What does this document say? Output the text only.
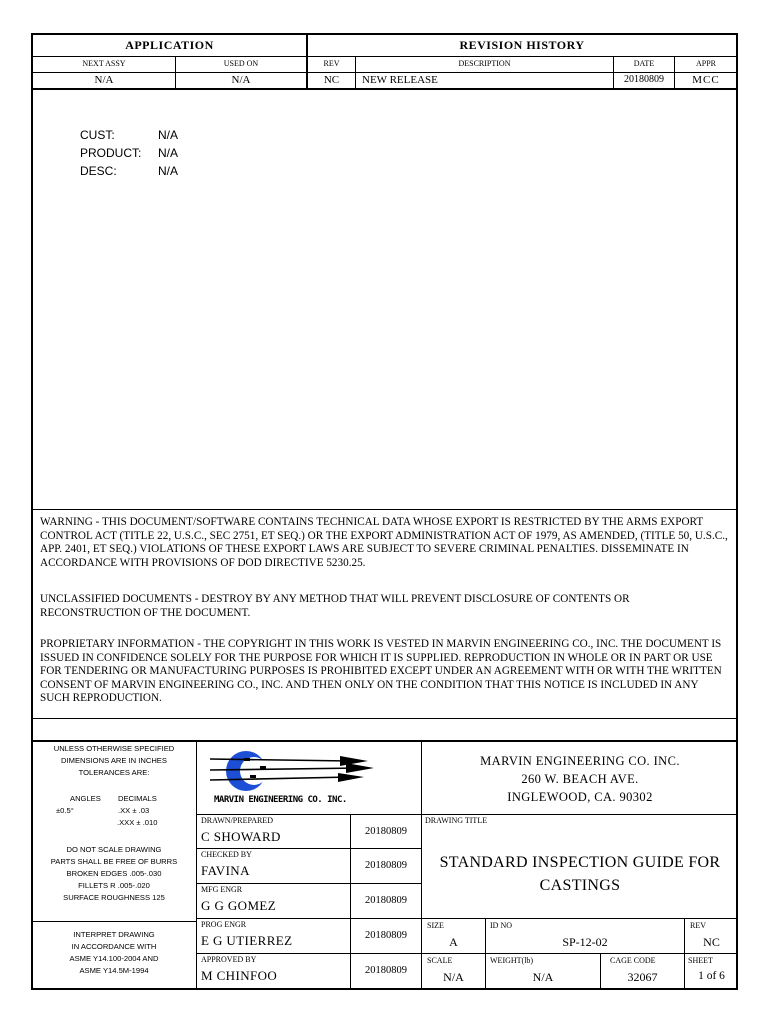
APPLICATION	REVISION HISTORY
NEXT ASSY	USED ON	REV	DESCRIPTION	DATE	APPR
N/A	N/A	NC	NEW RELEASE	20180809	MCC
CUST:	N/A
PRODUCT: N/A
DESC:	N/A
WARNING - THIS DOCUMENT/SOFTWARE CONTAINS TECHNICAL DATA WHOSE EXPORT IS RESTRICTED BY THE ARMS EXPORT CONTROL ACT (TITLE 22, U.S.C., SEC 2751, ET SEQ.) OR THE EXPORT ADMINISTRATION ACT OF 1979, AS AMENDED, (TITLE 50, U.S.C., APP. 2401, ET SEQ.) VIOLATIONS OF THESE EXPORT LAWS ARE SUBJECT TO SEVERE CRIMINAL PENALTIES. DISSEMINATE IN ACCORDANCE WITH PROVISIONS OF DOD DIRECTIVE 5230.25.
UNCLASSIFIED DOCUMENTS - DESTROY BY ANY METHOD THAT WILL PREVENT DISCLOSURE OF CONTENTS OR RECONSTRUCTION OF THE DOCUMENT.
PROPRIETARY INFORMATION - THE COPYRIGHT IN THIS WORK IS VESTED IN MARVIN ENGINEERING CO., INC. THE DOCUMENT IS ISSUED IN CONFIDENCE SOLELY FOR THE PURPOSE FOR WHICH IT IS SUPPLIED. REPRODUCTION IN WHOLE OR IN PART OR USE FOR TENDERING OR MANUFACTURING PURPOSES IS PROHIBITED EXCEPT UNDER AN AGREEMENT WITH OR WITH THE WRITTEN CONSENT OF MARVIN ENGINEERING CO., INC. AND THEN ONLY ON THE CONDITION THAT THIS NOTICE IS INCLUDED IN ANY SUCH REPRODUCTION.
UNLESS OTHERWISE SPECIFIED
DIMENSIONS ARE IN INCHES
TOLERANCES ARE:
ANGLES DECIMALS
±0.5°	.XX ± .03
.XXX ± .010
DO NOT SCALE DRAWING
PARTS SHALL BE FREE OF BURRS
BROKEN EDGES .005-.030
FILLETS R .005-.020
SURFACE ROUGHNESS 125
INTERPRET DRAWING
IN ACCORDANCE WITH
ASME Y14.100-2004 AND
ASME Y14.5M-1994
MARVIN ENGINEERING CO. INC.
DRAWN/PREPARED
C SHOWARD	20180809
CHECKED BY
FAVINA	20180809
MFG ENGR
G G GOMEZ	20180809
PROG ENGR
E G UTIERREZ	20180809
APPROVED BY
M CHINFOO	20180809
MARVIN ENGINEERING CO. INC.
260 W. BEACH AVE.
INGLEWOOD, CA. 90302
DRAWING TITLE
STANDARD INSPECTION GUIDE FOR
CASTINGS
SIZE
A
ID NO
SP-12-02
REV
NC
SCALE
N/A
WEIGHT(lb)
N/A
CAGE CODE
32067
SHEET
1 of 6
